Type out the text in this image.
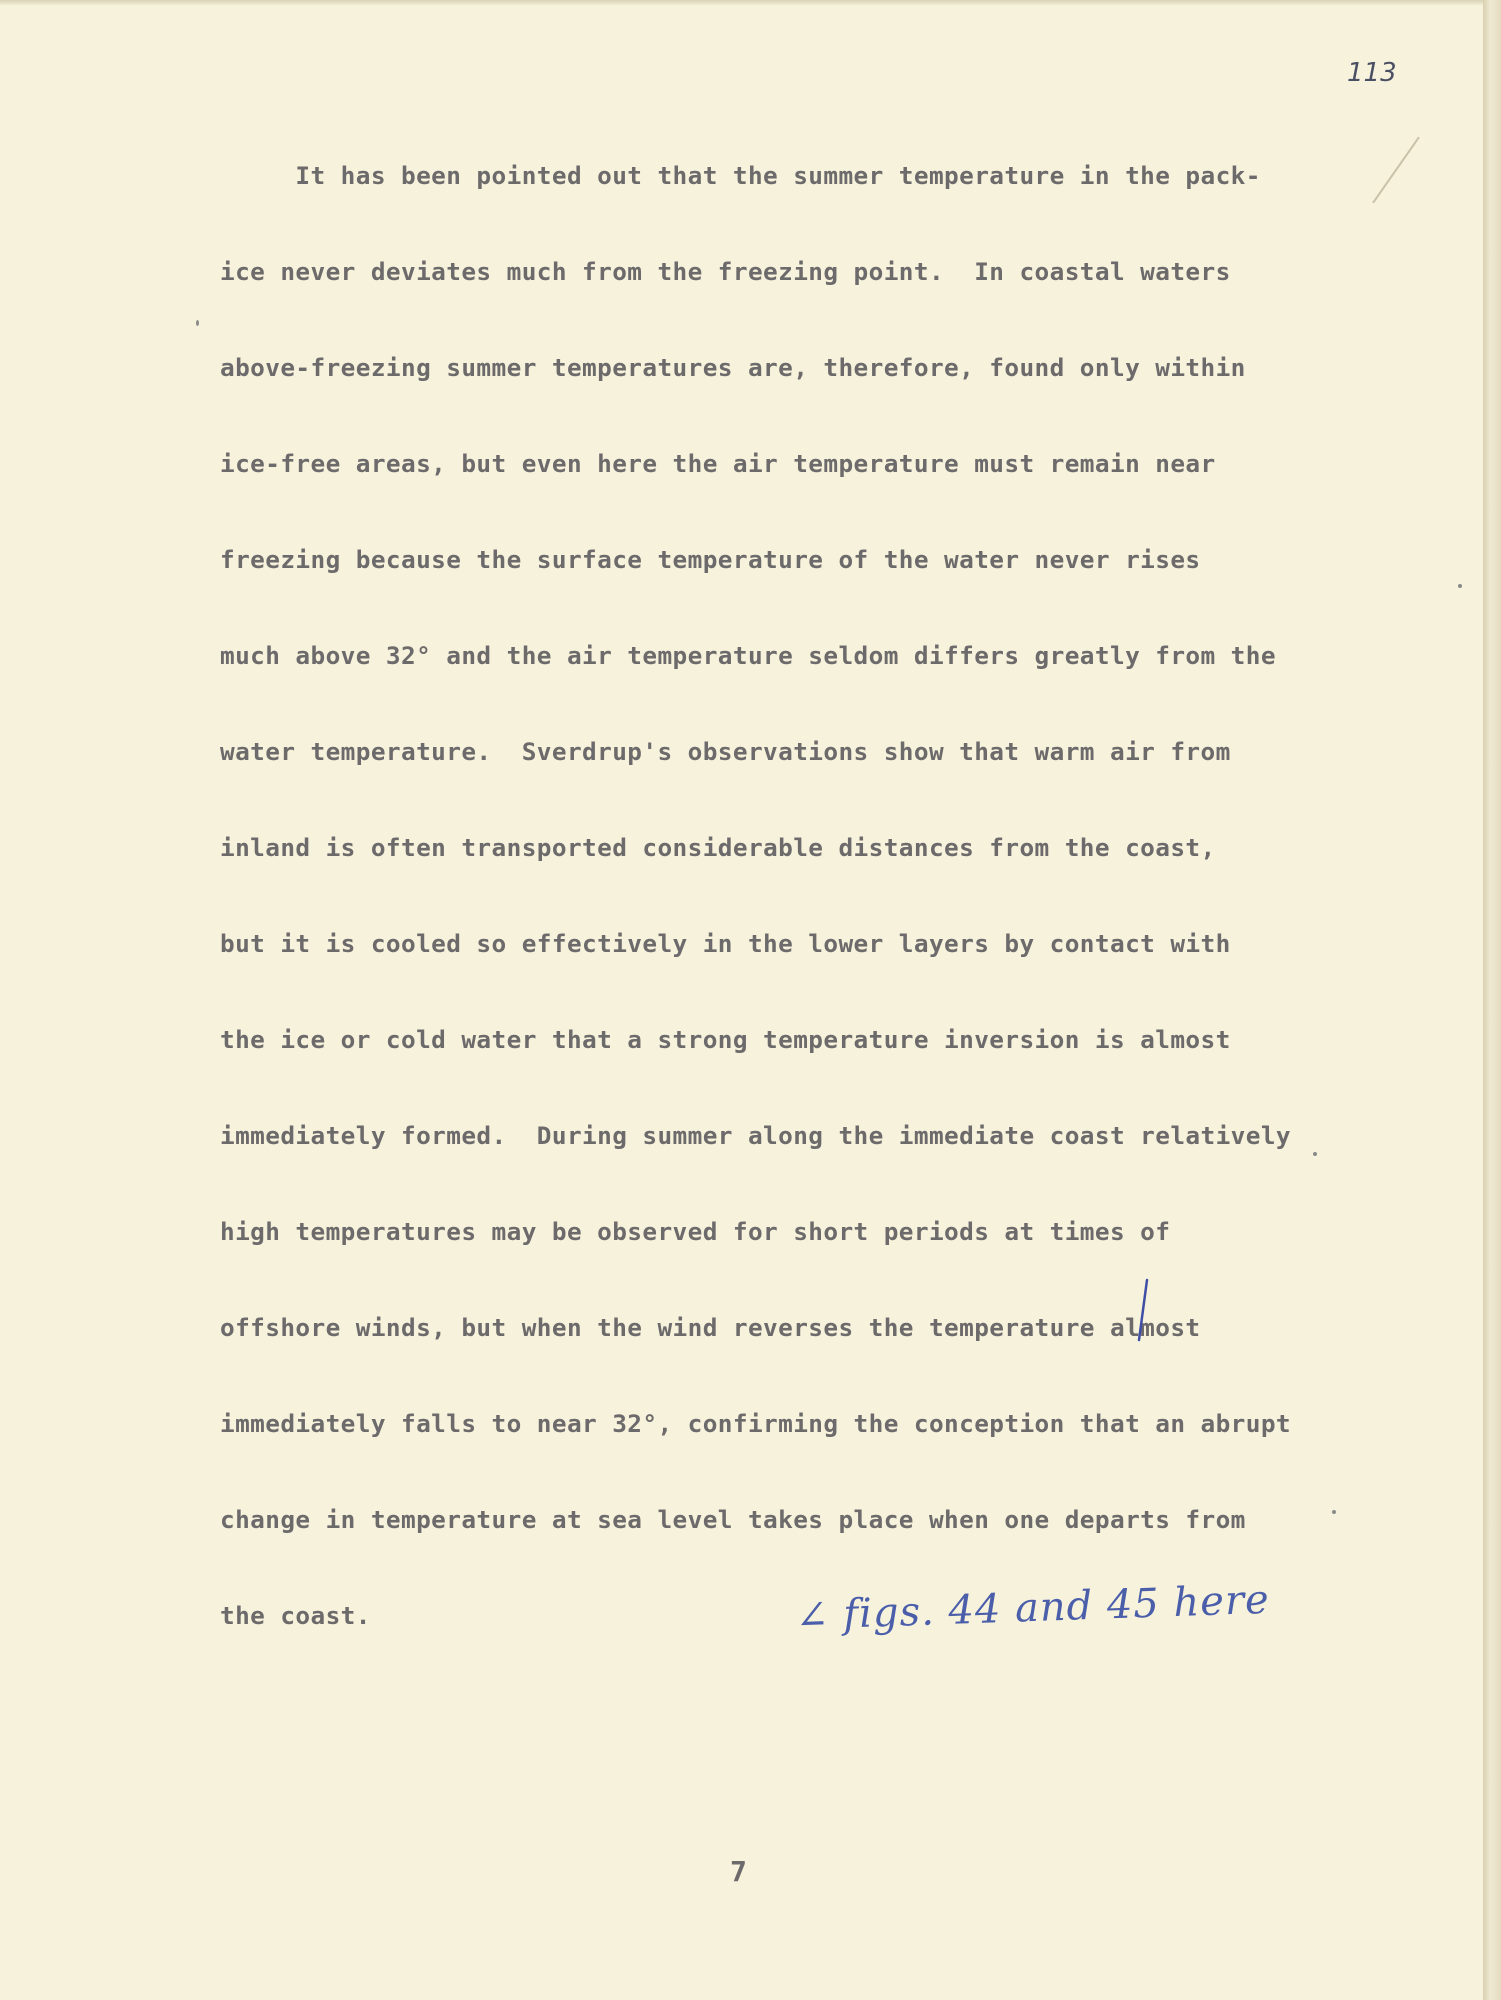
113

It has been pointed out that the summer temperature in the pack-
ice never deviates much from the freezing point.  In coastal waters
above-freezing summer temperatures are, therefore, found only within
ice-free areas, but even here the air temperature must remain near
freezing because the surface temperature of the water never rises
much above 32° and the air temperature seldom differs greatly from the
water temperature.  Sverdrup's observations show that warm air from
inland is often transported considerable distances from the coast,
but it is cooled so effectively in the lower layers by contact with
the ice or cold water that a strong temperature inversion is almost
immediately formed.  During summer along the immediate coast relatively
high temperatures may be observed for short periods at times of
offshore winds, but when the wind reverses the temperature almost
immediately falls to near 32°, confirming the conception that an abrupt
change in temperature at sea level takes place when one departs from
the coast.	∠ figs. 44 and 45 here

7
